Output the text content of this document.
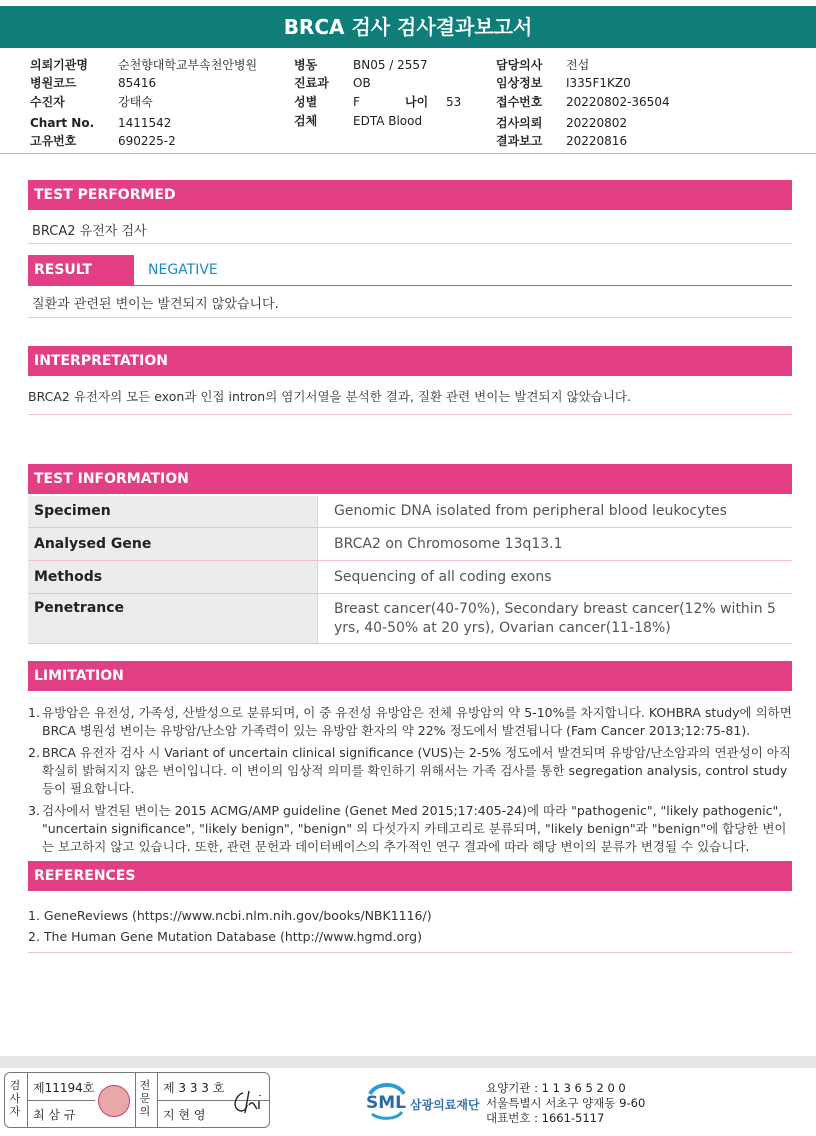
BRCA 검사 검사결과보고서
의뢰기관명	순천향대학교부속천안병원	병동	BN05 / 2557	담당의사 전섭
병원코드	85416	진료과 OB	임상정보 I335F1KZ0
수진자	강태숙	성별	F	나이 53	접수번호 20220802-36504
Chart No. 1411542	검체	EDTA Blood	검사의뢰 20220802
고유번호	690225-2	결과보고 20220816
TEST PERFORMED
BRCA2 유전자 검사
RESULT	NEGATIVE
질환과 관련된 변이는 발견되지 않았습니다.
INTERPRETATION
BRCA2 유전자의 모든 exon과 인접 intron의 염기서열을 분석한 결과, 질환 관련 변이는 발견되지 않았습니다.
TEST INFORMATION
Specimen	Genomic DNA isolated from peripheral blood leukocytes
Analysed Gene	BRCA2 on Chromosome 13q13.1
Methods	Sequencing of all coding exons
Penetrance	Breast cancer(40-70%), Secondary breast cancer(12% within 5 yrs, 40-50% at 20 yrs), Ovarian cancer(11-18%)
LIMITATION
1. 유방암은 유전성, 가족성, 산발성으로 분류되며, 이 중 유전성 유방암은 전체 유방암의 약 5-10%를 차지합니다. KOHBRA study에 의하면 BRCA 병원성 변이는 유방암/난소암 가족력이 있는 유방암 환자의 약 22% 정도에서 발견됩니다 (Fam Cancer 2013;12:75-81).
2. BRCA 유전자 검사 시 Variant of uncertain clinical significance (VUS)는 2-5% 정도에서 발견되며 유방암/난소암과의 연관성이 아직 확실히 밝혀지지 않은 변이입니다. 이 변이의 임상적 의미를 확인하기 위해서는 가족 검사를 통한 segregation analysis, control study 등이 필요합니다.
3. 검사에서 발견된 변이는 2015 ACMG/AMP guideline (Genet Med 2015;17:405-24)에 따라 "pathogenic", "likely pathogenic", "uncertain significance", "likely benign", "benign" 의 다섯가지 카테고리로 분류되며, "likely benign"과 "benign"에 합당한 변이는 보고하지 않고 있습니다. 또한, 관련 문헌과 데이터베이스의 추가적인 연구 결과에 따라 해당 변이의 분류가 변경될 수 있습니다.
REFERENCES
1. GeneReviews (https://www.ncbi.nlm.nih.gov/books/NBK1116/)
2. The Human Gene Mutation Database (http://www.hgmd.org)
검
사
자
제11194호
최 삼 규
전
문
의
제 3 3 3 호
지 현 영
SML 삼광의료재단
요양기관 : 1 1 3 6 5 2 0 0
서울특별시 서초구 양재동 9-60
대표번호 : 1661-5117
